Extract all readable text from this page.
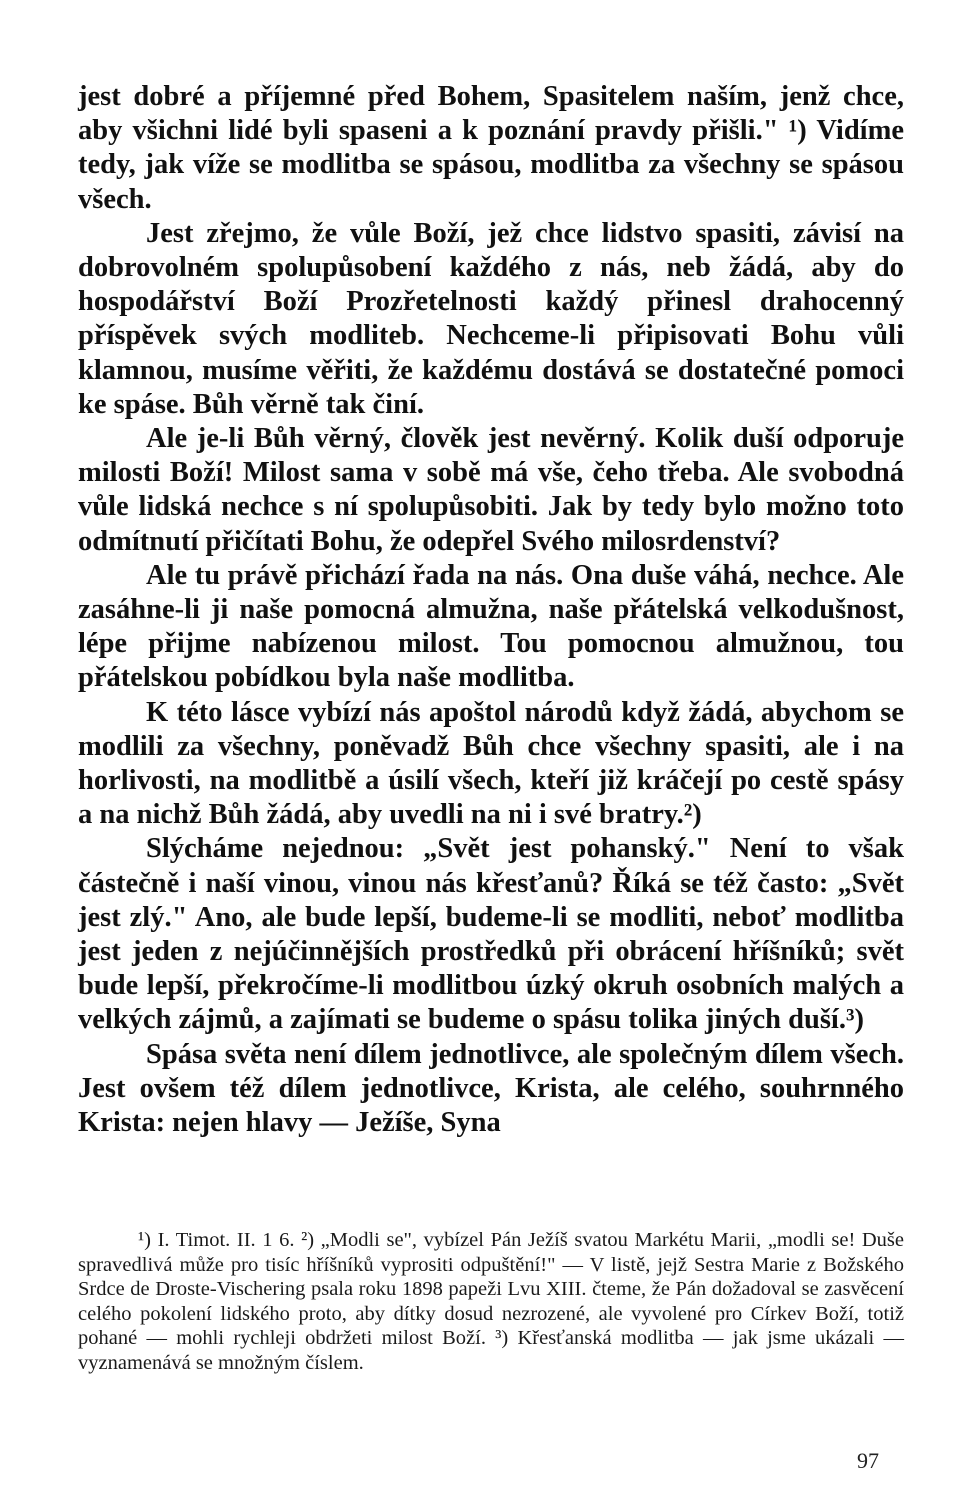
jest dobré a příjemné před Bohem, Spasitelem naším, jenž chce, aby všichni lidé byli spaseni a k poznání pravdy přišli." ¹) Vidíme tedy, jak víže se modlitba se spásou, modlitba za všechny se spásou všech.

Jest zřejmo, že vůle Boží, jež chce lidstvo spasiti, závisí na dobrovolném spolupůsobení každého z nás, neb žádá, aby do hospodářství Boží Prozřetelnosti každý přinesl drahocenný příspěvek svých modliteb. Nechceme-li připisovati Bohu vůli klamnou, musíme věřiti, že každému dostává se dostatečné pomoci ke spáse. Bůh věrně tak činí.

Ale je-li Bůh věrný, člověk jest nevěrný. Kolik duší odporuje milosti Boží! Milost sama v sobě má vše, čeho třeba. Ale svobodná vůle lidská nechce s ní spolupůsobiti. Jak by tedy bylo možno toto odmítnutí přičítati Bohu, že odepřel Svého milosrdenství?

Ale tu právě přichází řada na nás. Ona duše váhá, nechce. Ale zasáhne-li ji naše pomocná almužna, naše přátelská velkodušnost, lépe přijme nabízenou milost. Tou pomocnou almužnou, tou přátelskou pobídkou byla naše modlitba.

K této lásce vybízí nás apoštol národů když žádá, abychom se modlili za všechny, poněvadž Bůh chce všechny spasiti, ale i na horlivosti, na modlitbě a úsilí všech, kteří již kráčejí po cestě spásy a na nichž Bůh žádá, aby uvedli na ni i své bratry.²)

Slýcháme nejednou: „Svět jest pohanský." Není to však částečně i naší vinou, vinou nás křesťanů? Říká se též často: „Svět jest zlý." Ano, ale bude lepší, budeme-li se modliti, neboť modlitba jest jeden z nejúčinnějších prostředků při obrácení hříšníků; svět bude lepší, překročíme-li modlitbou úzký okruh osobních malých a velkých zájmů, a zajímati se budeme o spásu tolika jiných duší.³)

Spása světa není dílem jednotlivce, ale společným dílem všech. Jest ovšem též dílem jednotlivce, Krista, ale celého, souhrnného Krista: nejen hlavy — Ježíše, Syna

¹) I. Timot. II. 1 6. ²) „Modli se", vybízel Pán Ježíš svatou Markétu Marii, „modli se! Duše spravedlivá může pro tisíc hříšníků vyprositi odpuštění!" — V listě, jejž Sestra Marie z Božského Srdce de Droste-Vischering psala roku 1898 papeži Lvu XIII. čteme, že Pán dožadoval se zasvěcení celého pokolení lidského proto, aby dítky dosud nezrozené, ale vyvolené pro Církev Boží, totiž pohané — mohli rychleji obdržeti milost Boží. ³) Křesťanská modlitba — jak jsme ukázali — vyznamenává se množným číslem.

97
